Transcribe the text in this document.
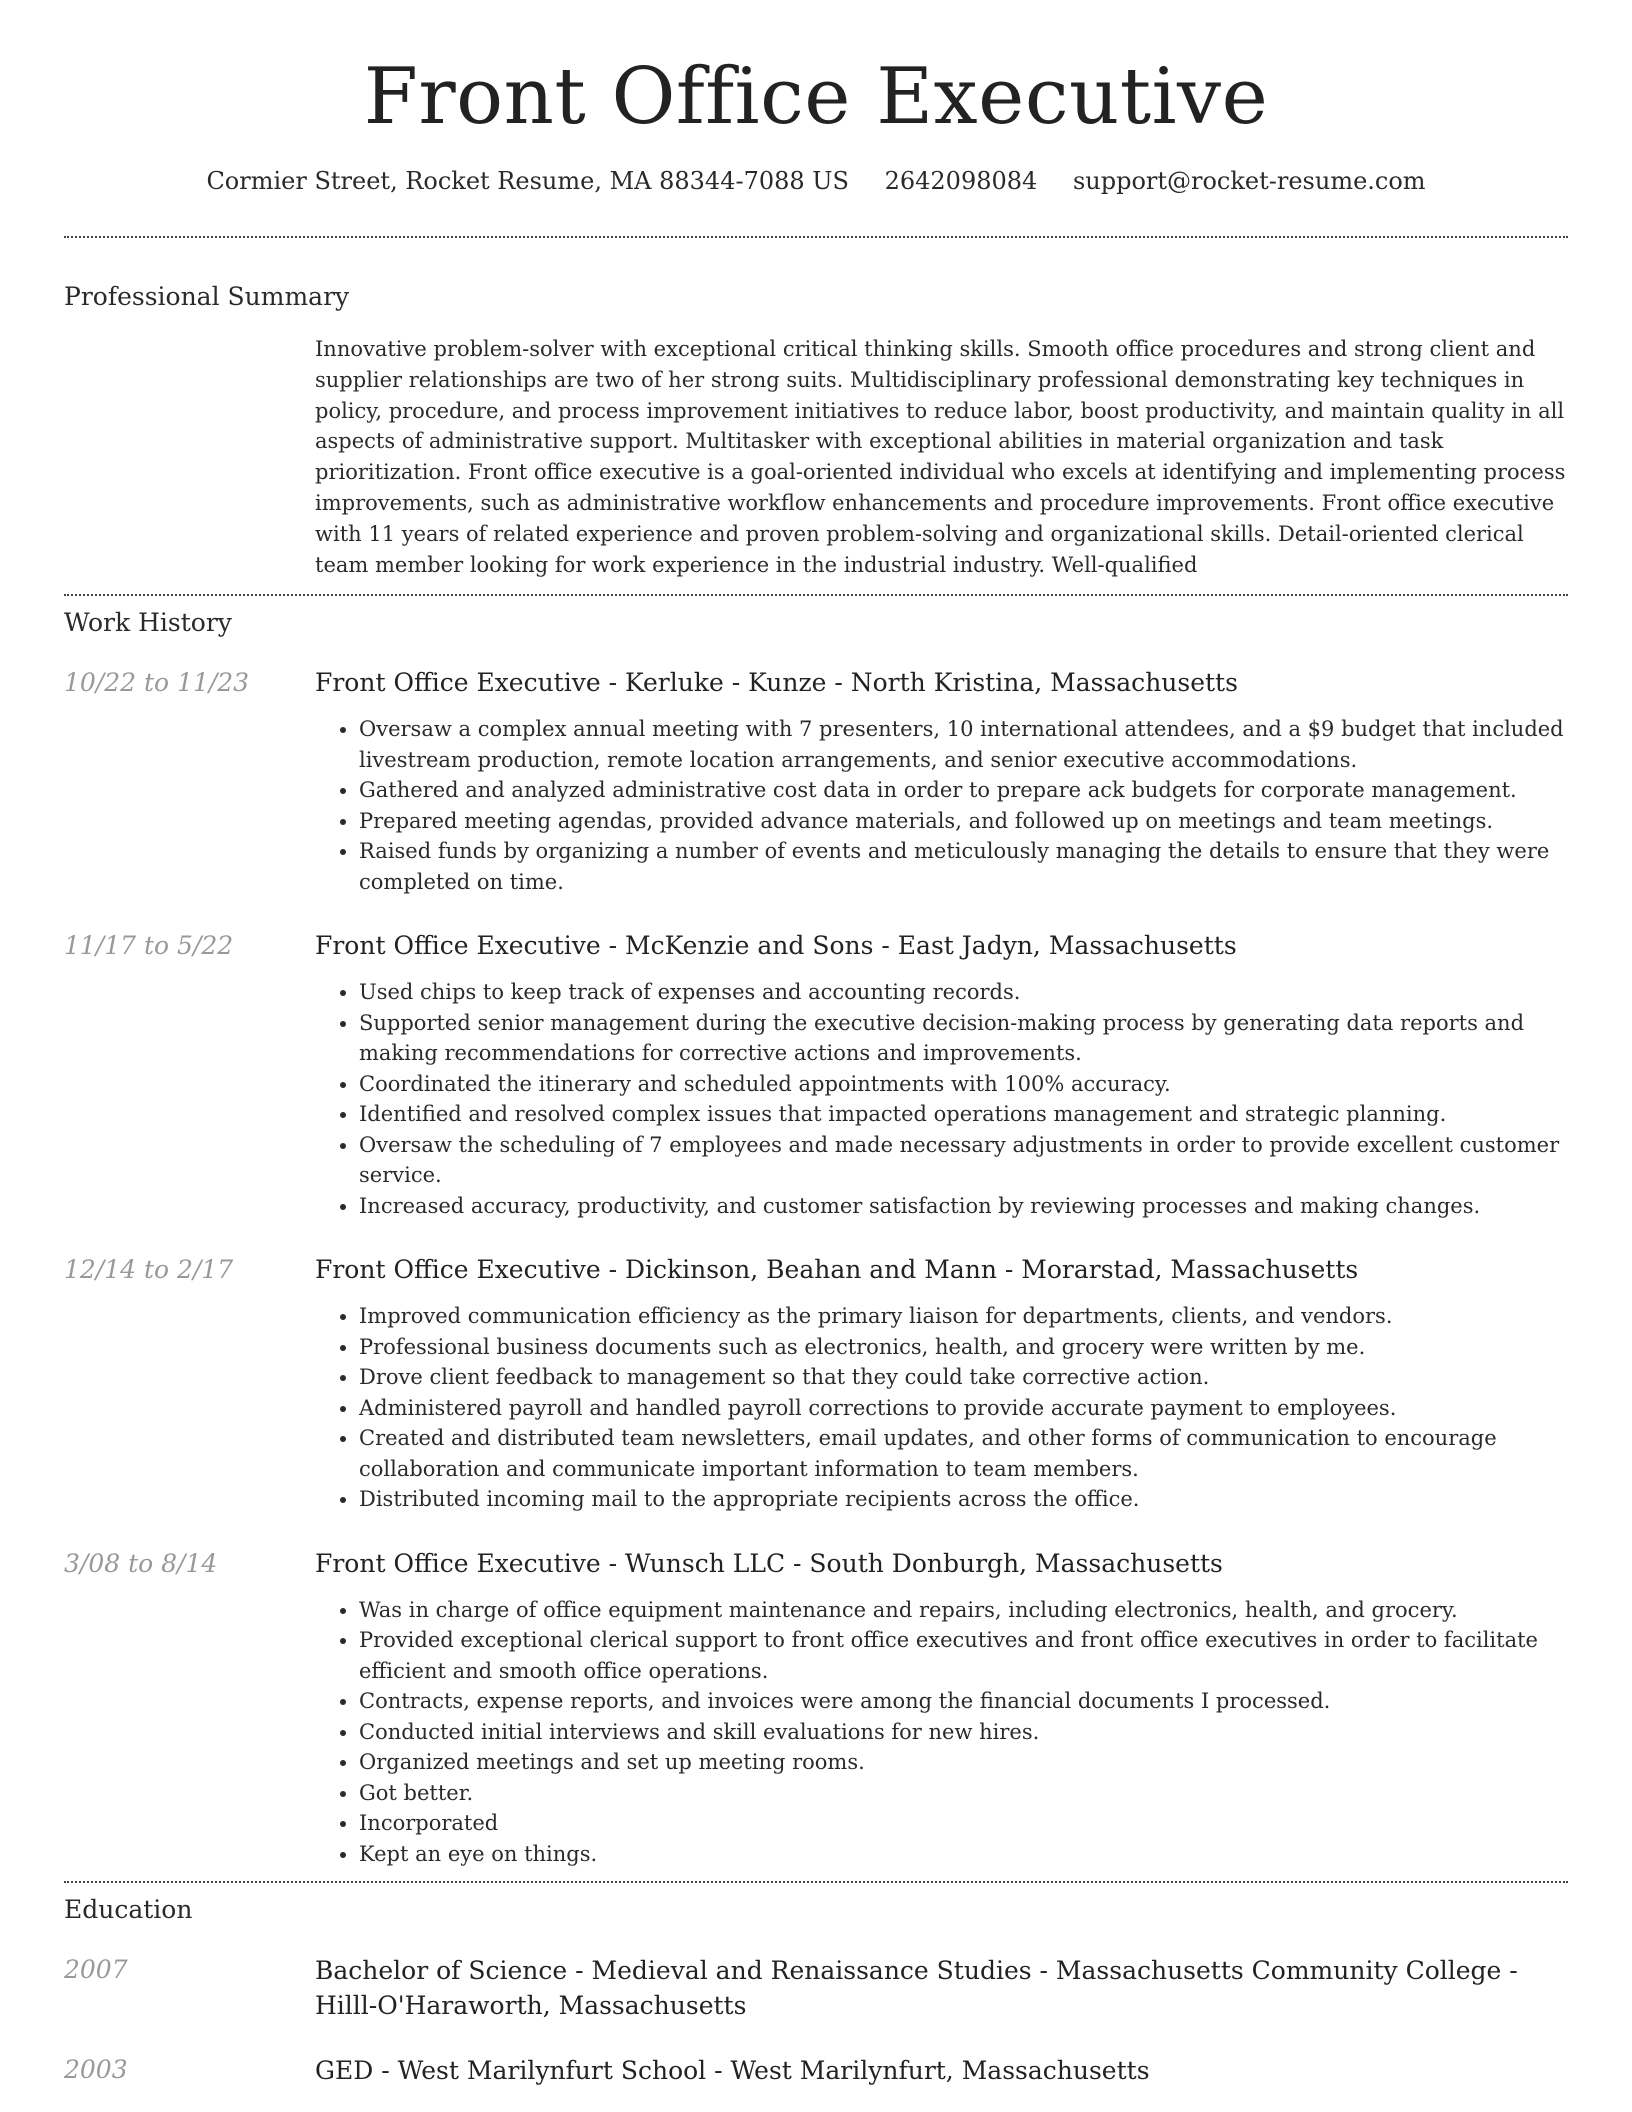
Front Office Executive
Cormier Street, Rocket Resume, MA 88344-7088 US 2642098084 support@rocket-resume.com
Professional Summary

Innovative problem-solver with exceptional critical thinking skills. Smooth office procedures and strong client and supplier relationships are two of her strong suits. Multidisciplinary professional demonstrating key techniques in policy, procedure, and process improvement initiatives to reduce labor, boost productivity, and maintain quality in all aspects of administrative support. Multitasker with exceptional abilities in material organization and task prioritization. Front office executive is a goal-oriented individual who excels at identifying and implementing process improvements, such as administrative workflow enhancements and procedure improvements. Front office executive with 11 years of related experience and proven problem-solving and organizational skills. Detail-oriented clerical team member looking for work experience in the industrial industry. Well-qualified

Work History
10/22 to 11/23	Front Office Executive - Kerluke - Kunze - North Kristina, Massachusetts
• Oversaw a complex annual meeting with 7 presenters, 10 international attendees, and a $9 budget that included livestream production, remote location arrangements, and senior executive accommodations.
• Gathered and analyzed administrative cost data in order to prepare ack budgets for corporate management.
• Prepared meeting agendas, provided advance materials, and followed up on meetings and team meetings.
• Raised funds by organizing a number of events and meticulously managing the details to ensure that they were completed on time.
11/17 to 5/22	Front Office Executive - McKenzie and Sons - East Jadyn, Massachusetts
• Used chips to keep track of expenses and accounting records.
• Supported senior management during the executive decision-making process by generating data reports and making recommendations for corrective actions and improvements.
• Coordinated the itinerary and scheduled appointments with 100% accuracy.
• Identified and resolved complex issues that impacted operations management and strategic planning.
• Oversaw the scheduling of 7 employees and made necessary adjustments in order to provide excellent customer service.
• Increased accuracy, productivity, and customer satisfaction by reviewing processes and making changes.
12/14 to 2/17	Front Office Executive - Dickinson, Beahan and Mann - Morarstad, Massachusetts
• Improved communication efficiency as the primary liaison for departments, clients, and vendors.
• Professional business documents such as electronics, health, and grocery were written by me.
• Drove client feedback to management so that they could take corrective action.
• Administered payroll and handled payroll corrections to provide accurate payment to employees.
• Created and distributed team newsletters, email updates, and other forms of communication to encourage collaboration and communicate important information to team members.
• Distributed incoming mail to the appropriate recipients across the office.
3/08 to 8/14	Front Office Executive - Wunsch LLC - South Donburgh, Massachusetts
• Was in charge of office equipment maintenance and repairs, including electronics, health, and grocery.
• Provided exceptional clerical support to front office executives and front office executives in order to facilitate efficient and smooth office operations.
• Contracts, expense reports, and invoices were among the financial documents I processed.
• Conducted initial interviews and skill evaluations for new hires.
• Organized meetings and set up meeting rooms.
• Got better.
• Incorporated
• Kept an eye on things.
Education
2007	Bachelor of Science - Medieval and Renaissance Studies - Massachusetts Community College - Hilll-O'Haraworth, Massachusetts
2003	GED - West Marilynfurt School - West Marilynfurt, Massachusetts
